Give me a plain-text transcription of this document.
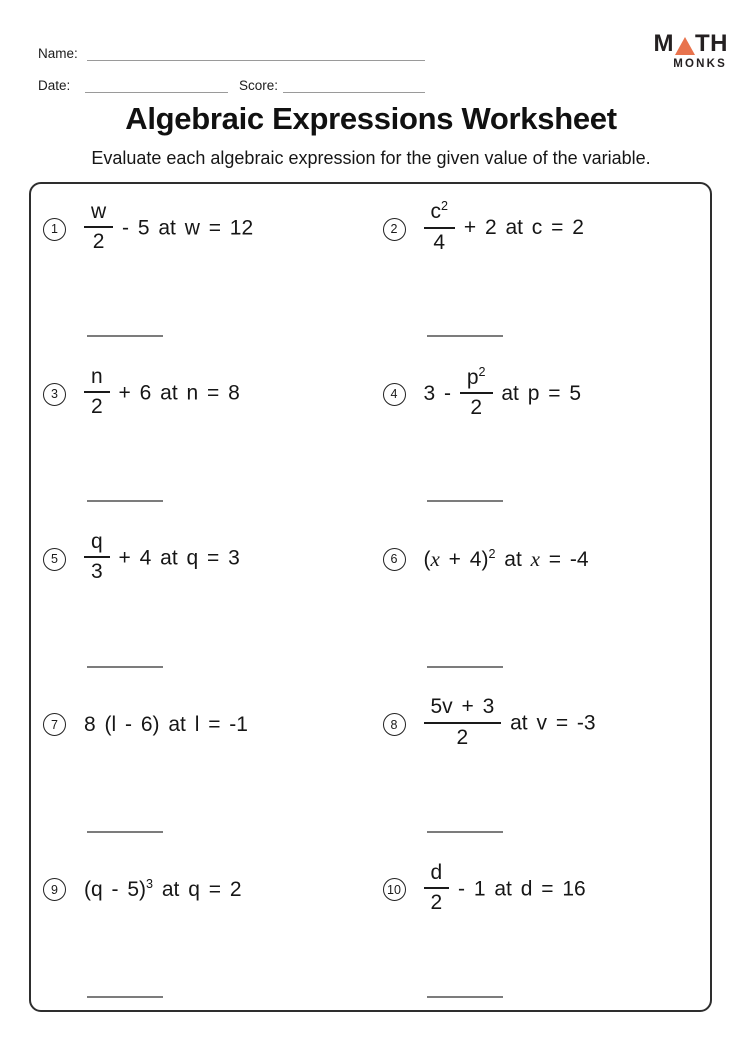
Name:
Date:	Score:
M TH
MONKS
Algebraic Expressions Worksheet
Evaluate each algebraic expression for the given value of the variable.
1	$\frac{w}{2} - 5$ at w = 12	2	$\frac{c^2}{4} + 2$ at c = 2
3	$\frac{n}{2} + 6$ at n = 8	4	$3 - \frac{p^2}{2}$ at p = 5
5	$\frac{q}{3} + 4$ at q = 3	6	$(x + 4)^2$ at x = -4
7	8 (l - 6) at l = -1	8	$\frac{5v + 3}{2}$ at v = -3
9	(q - 5)$^3$ at q = 2	$10 \frac{d}{2} - 1$ at d = 16
